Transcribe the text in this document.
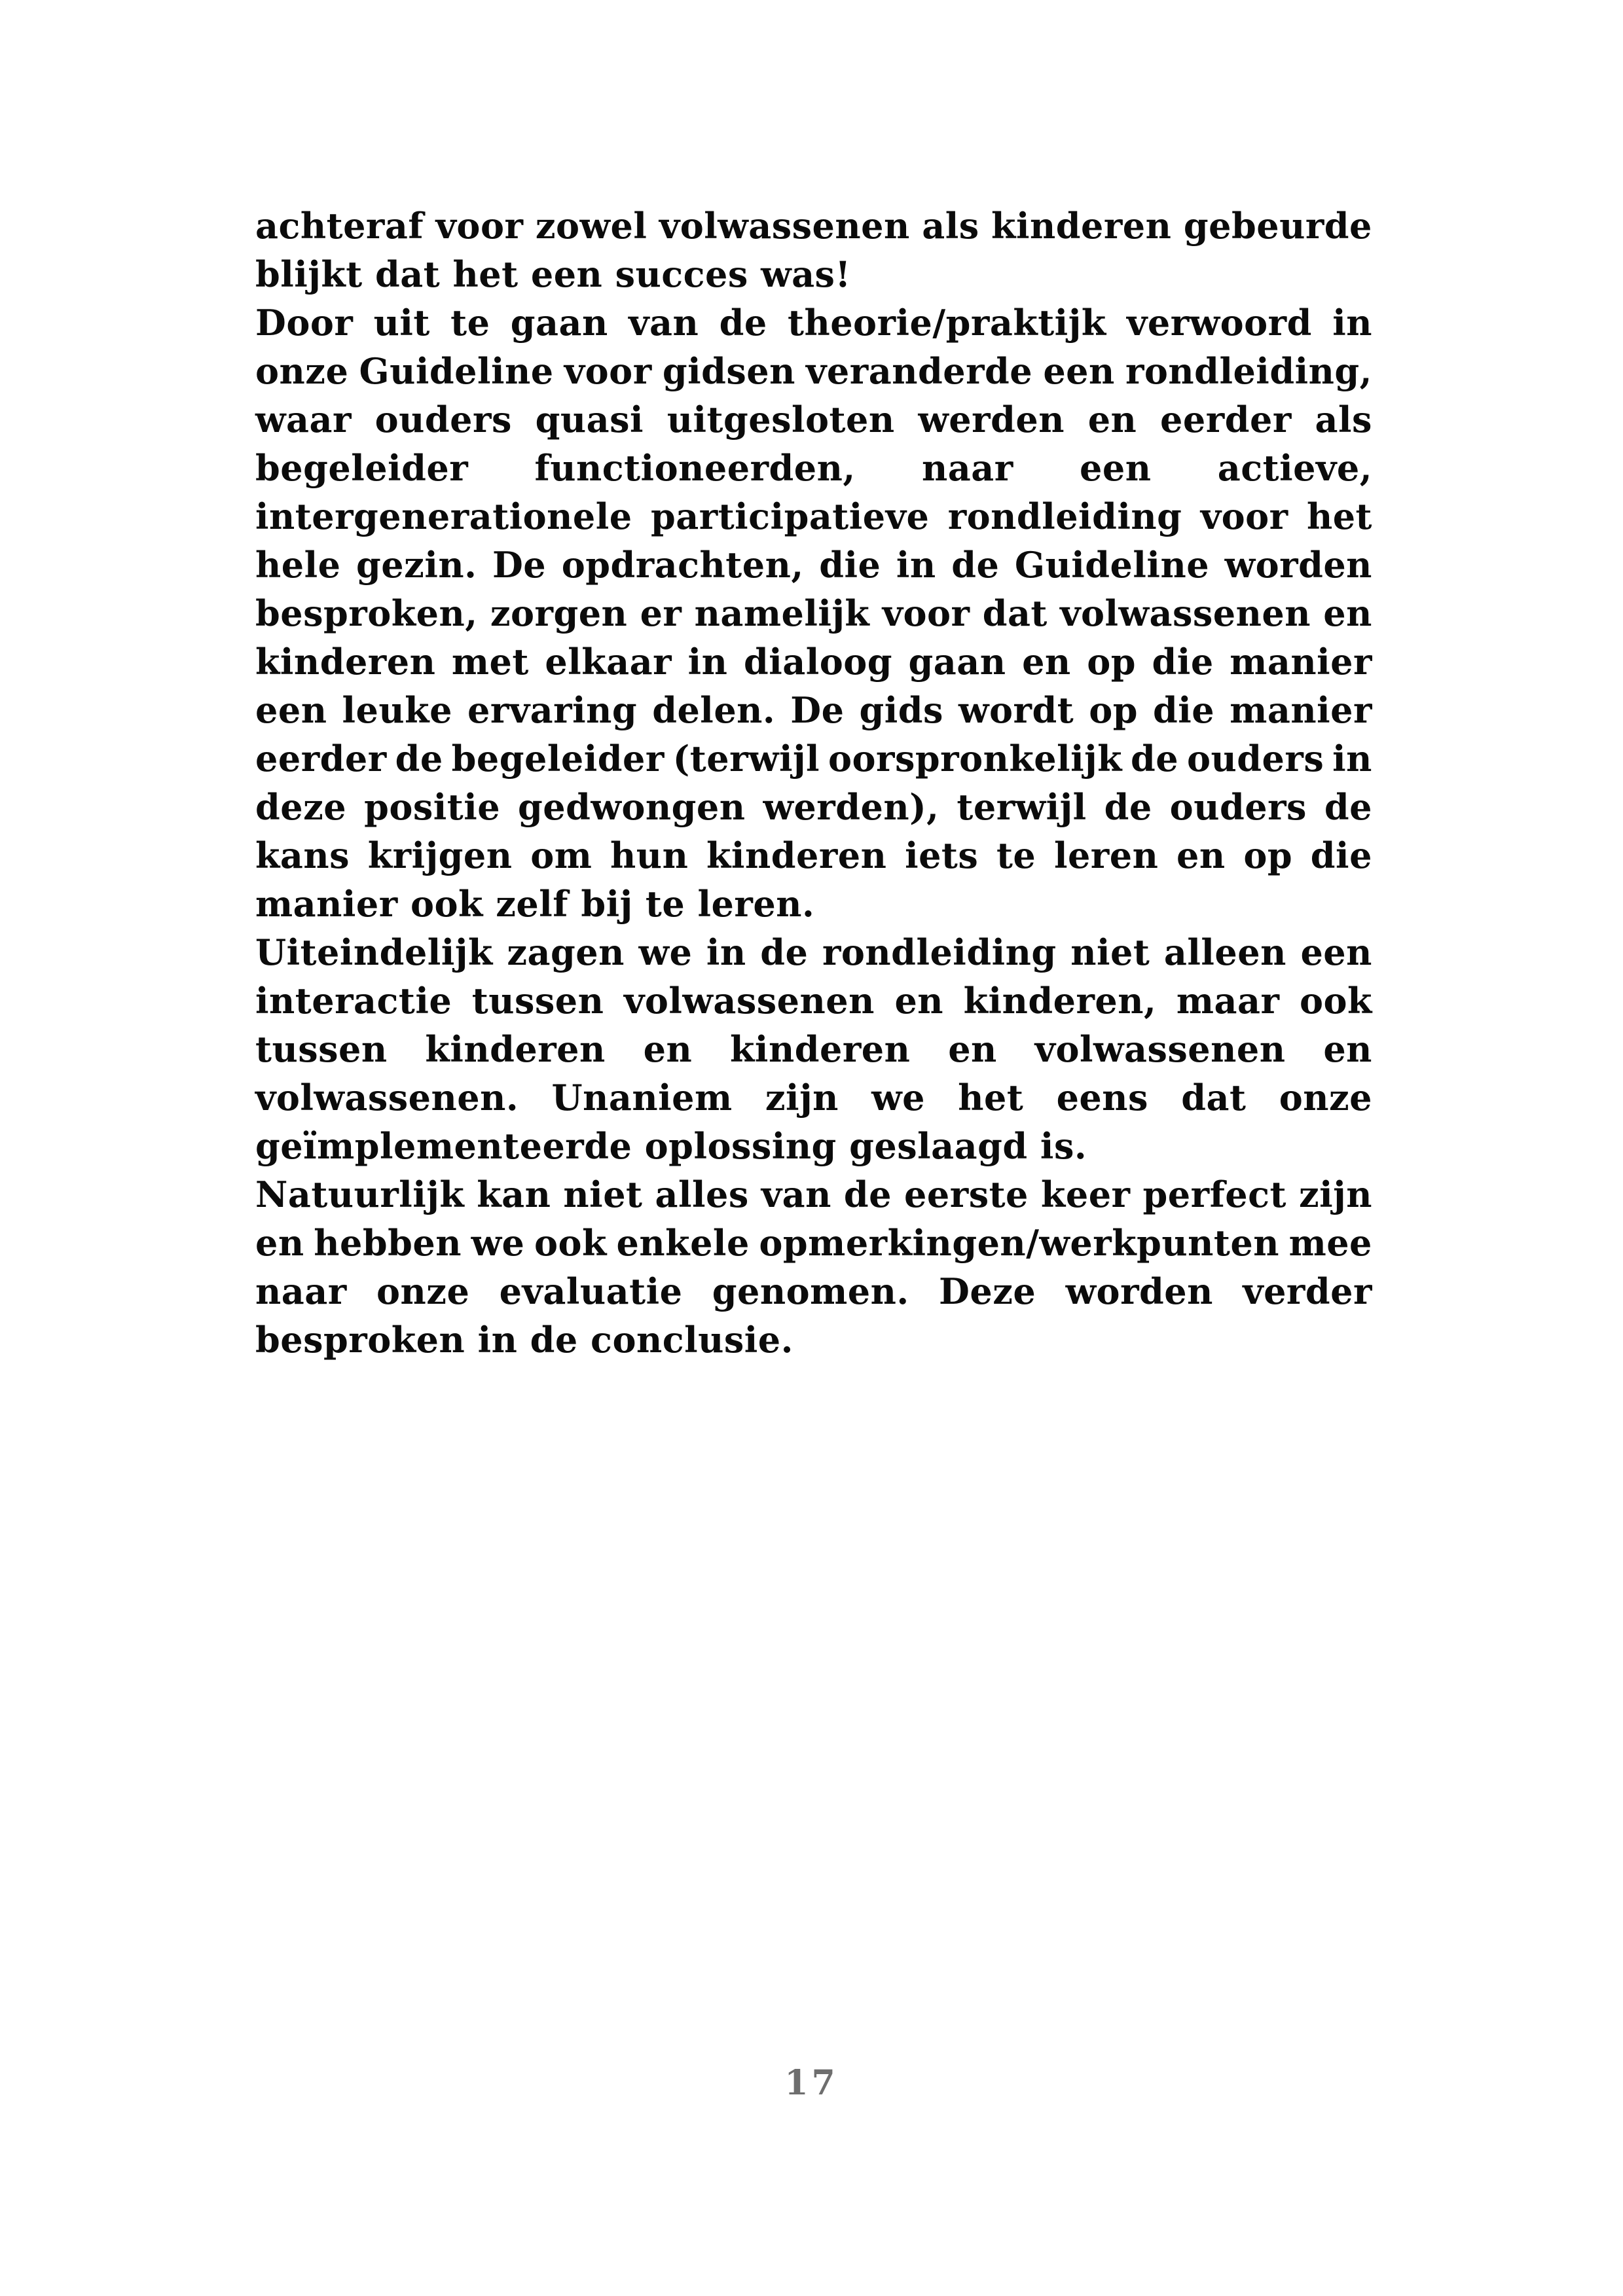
achteraf voor zowel volwassenen als kinderen gebeurde
blijkt dat het een succes was!
Door uit te gaan van de theorie/praktijk verwoord in
onze Guideline voor gidsen veranderde een rondleiding,
waar ouders quasi uitgesloten werden en eerder als
begeleider functioneerden, naar een actieve,
intergenerationele participatieve rondleiding voor het
hele gezin. De opdrachten, die in de Guideline worden
besproken, zorgen er namelijk voor dat volwassenen en
kinderen met elkaar in dialoog gaan en op die manier
een leuke ervaring delen. De gids wordt op die manier
eerder de begeleider (terwijl oorspronkelijk de ouders in
deze positie gedwongen werden), terwijl de ouders de
kans krijgen om hun kinderen iets te leren en op die
manier ook zelf bij te leren.
Uiteindelijk zagen we in de rondleiding niet alleen een
interactie tussen volwassenen en kinderen, maar ook
tussen kinderen en kinderen en volwassenen en
volwassenen. Unaniem zijn we het eens dat onze
geïmplementeerde oplossing geslaagd is.
Natuurlijk kan niet alles van de eerste keer perfect zijn
en hebben we ook enkele opmerkingen/werkpunten mee
naar onze evaluatie genomen. Deze worden verder
besproken in de conclusie.
17
